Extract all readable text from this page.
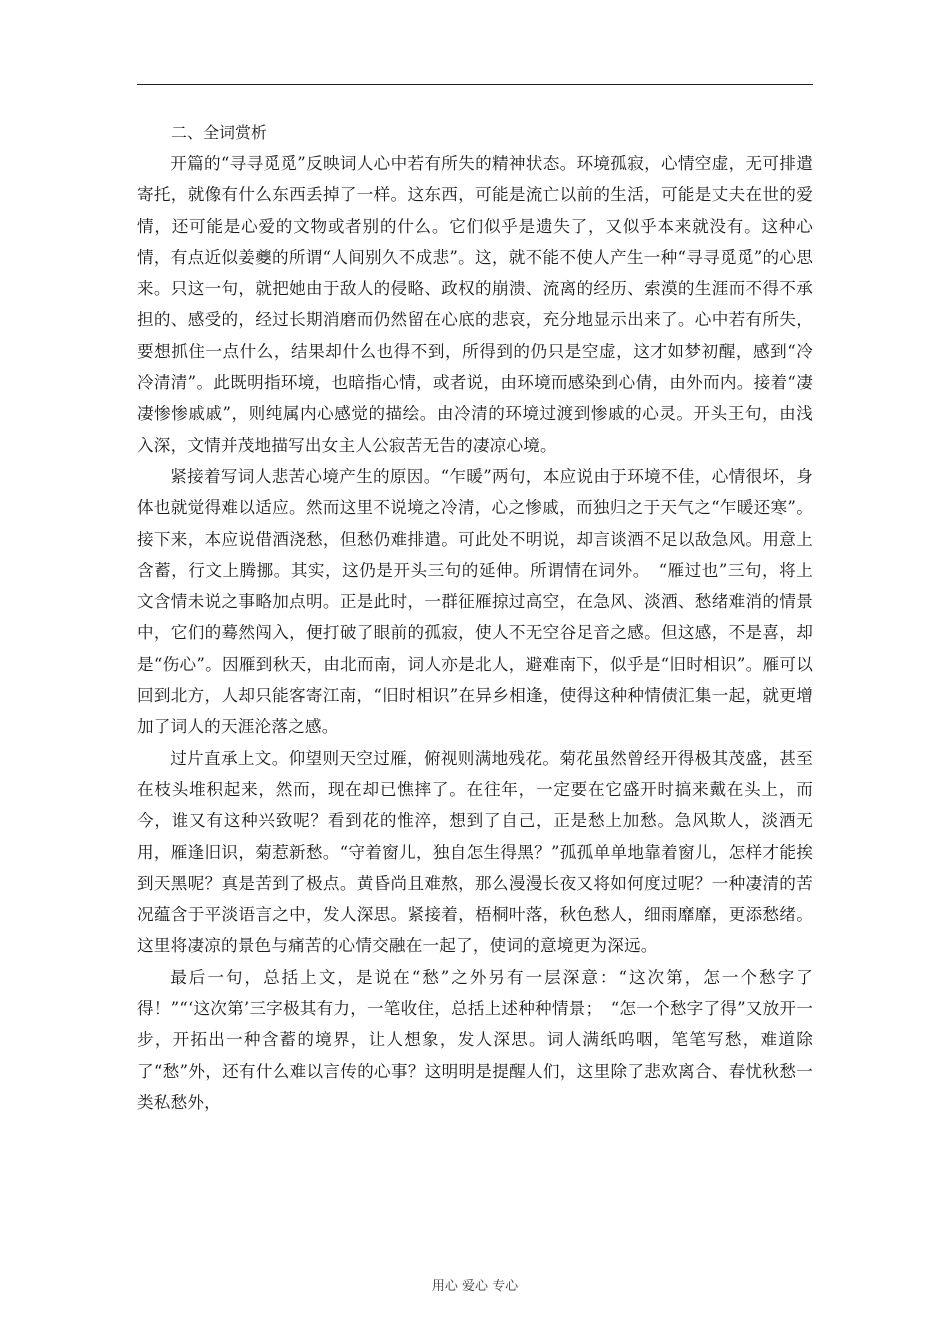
二、全词赏析

开篇的“寻寻觅觅”反映词人心中若有所失的精神状态。环境孤寂，心情空虚，无可排遣寄托，就像有什么东西丢掉了一样。这东西，可能是流亡以前的生活，可能是丈夫在世的爱情，还可能是心爱的文物或者别的什么。它们似乎是遗失了，又似乎本来就没有。这种心情，有点近似姜夔的所谓“人间别久不成悲”。这，就不能不使人产生一种“寻寻觅觅”的心思来。只这一句，就把她由于敌人的侵略、政权的崩溃、流离的经历、索漠的生涯而不得不承担的、感受的，经过长期消磨而仍然留在心底的悲哀，充分地显示出来了。心中若有所失，要想抓住一点什么，结果却什么也得不到，所得到的仍只是空虚，这才如梦初醒，感到“冷冷清清”。此既明指环境，也暗指心情，或者说，由环境而感染到心倩，由外而内。接着“凄凄惨惨戚戚”，则纯属内心感觉的描绘。由冷清的环境过渡到惨戚的心灵。开头王句，由浅入深，文情并茂地描写出女主人公寂苦无告的凄凉心境。

紧接着写词人悲苦心境产生的原因。“乍暖”两句，本应说由于环境不佳，心情很坏，身体也就觉得难以适应。然而这里不说境之冷清，心之惨戚，而独归之于天气之“乍暖还寒”。接下来，本应说借酒浇愁，但愁仍难排遣。可此处不明说，却言谈酒不足以敌急风。用意上含蓄，行文上腾挪。其实，这仍是开头三句的延伸。所谓情在词外。　“雁过也”三句，将上文含情未说之事略加点明。正是此时，一群征雁掠过高空，在急风、淡酒、愁绪难消的情景中，它们的蓦然闯入，便打破了眼前的孤寂，使人不无空谷足音之感。但这感，不是喜，却是“伤心”。因雁到秋天，由北而南，词人亦是北人，避难南下，似乎是“旧时相识”。雁可以回到北方，人却只能客寄江南，“旧时相识”在异乡相逢，使得这种种情债汇集一起，就更增加了词人的天涯沦落之感。

过片直承上文。仰望则天空过雁，俯视则满地残花。菊花虽然曾经开得极其茂盛，甚至在枝头堆积起来，然而，现在却已憔摔了。在往年，一定要在它盛开时搞来戴在头上，而今，谁又有这种兴致呢？看到花的惟淬，想到了自己，正是愁上加愁。急风欺人，淡酒无用，雁逢旧识，菊惹新愁。“守着窗儿，独自怎生得黑？”孤孤单单地靠着窗儿，怎样才能挨到天黑呢？真是苦到了极点。黄昏尚且难熬，那么漫漫长夜又将如何度过呢？一种凄清的苦况蕴含于平淡语言之中，发人深思。紧接着，梧桐叶落，秋色愁人，细雨靡靡，更添愁绪。这里将凄凉的景色与痛苦的心情交融在一起了，使词的意境更为深远。

最后一句，总括上文，是说在“愁”之外另有一层深意：“这次第，怎一个愁字了得！”“‘这次第’三字极其有力，一笔收住，总括上述种种情景；　“怎一个愁字了得”又放开一步，开拓出一种含蓄的境界，让人想象，发人深思。词人满纸呜咽，笔笔写愁，难道除了“愁”外，还有什么难以言传的心事？这明明是提醒人们，这里除了悲欢离合、春忧秋愁一类私愁外，

用心 爱心 专心
